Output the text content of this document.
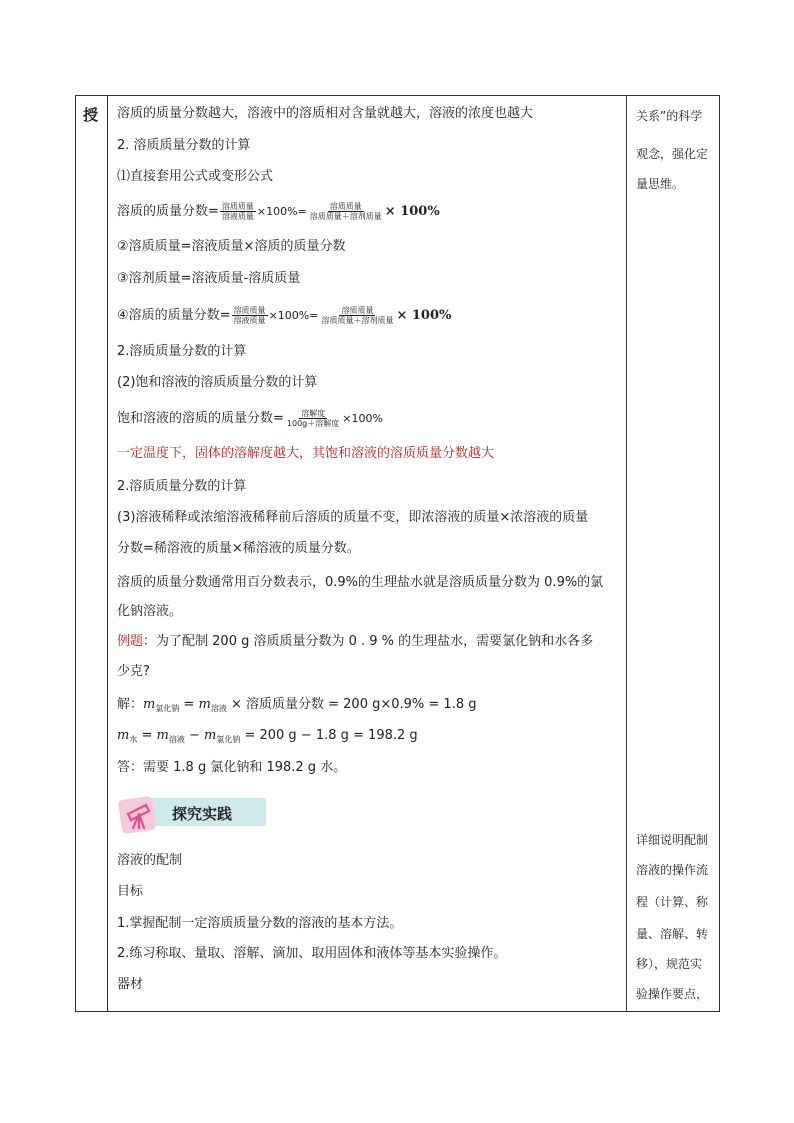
授 溶质的质量分数越大，溶液中的溶质相对含量就越大，溶液的浓度也越大
2. 溶质质量分数的计算
⑴直接套用公式或变形公式
溶质的质量分数= $\frac{\text{溶质质量}}{\text{溶液质量}} \times 100\%= \frac{\text{溶质质量}}{\text{溶质质量＋溶剂质量}} \times 100\%$
②溶质质量=溶液质量×溶质的质量分数
③溶剂质量=溶液质量-溶质质量
④溶质的质量分数= $\frac{\text{溶质质量}}{\text{溶液质量}} \times 100\%= \frac{\text{溶质质量}}{\text{溶质质量＋溶剂质量}} \times 100\%$
2.溶质质量分数的计算
(2)饱和溶液的溶质质量分数的计算
饱和溶液的溶质的质量分数= $\frac{\text{溶解度}}{\text{100g＋溶解度}} \times 100\%$
一定温度下，固体的溶解度越大，其饱和溶液的溶质质量分数越大
2.溶质质量分数的计算
(3)溶液稀释或浓缩溶液稀释前后溶质的质量不变，即浓溶液的质量×浓溶液的质量
分数=稀溶液的质量×稀溶液的质量分数。
溶质的质量分数通常用百分数表示，0.9%的生理盐水就是溶质质量分数为 0.9%的氯
化钠溶液。
例题：为了配制 200 g 溶质质量分数为 0 . 9 % 的生理盐水，需要氯化钠和水各多
少克?
解：$m_{氯化钠} = m_{溶液}$ × 溶质质量分数 = 200 g×0.9% = 1.8 g
$m_水 = m_{溶液} - m_{氯化钠} = 200$ g − 1.8 g = 198.2 g
答：需要 1.8 g 氯化钠和 198.2 g 水。
探究实践
溶液的配制
目标
1.掌握配制一定溶质质量分数的溶液的基本方法。
2.练习称取、量取、溶解、滴加、取用固体和液体等基本实验操作。
器材
关系”的科学
观念，强化定
量思维。
详细说明配制
溶液的操作流
程（计算、称
量、溶解、转
移），规范实
验操作要点，
